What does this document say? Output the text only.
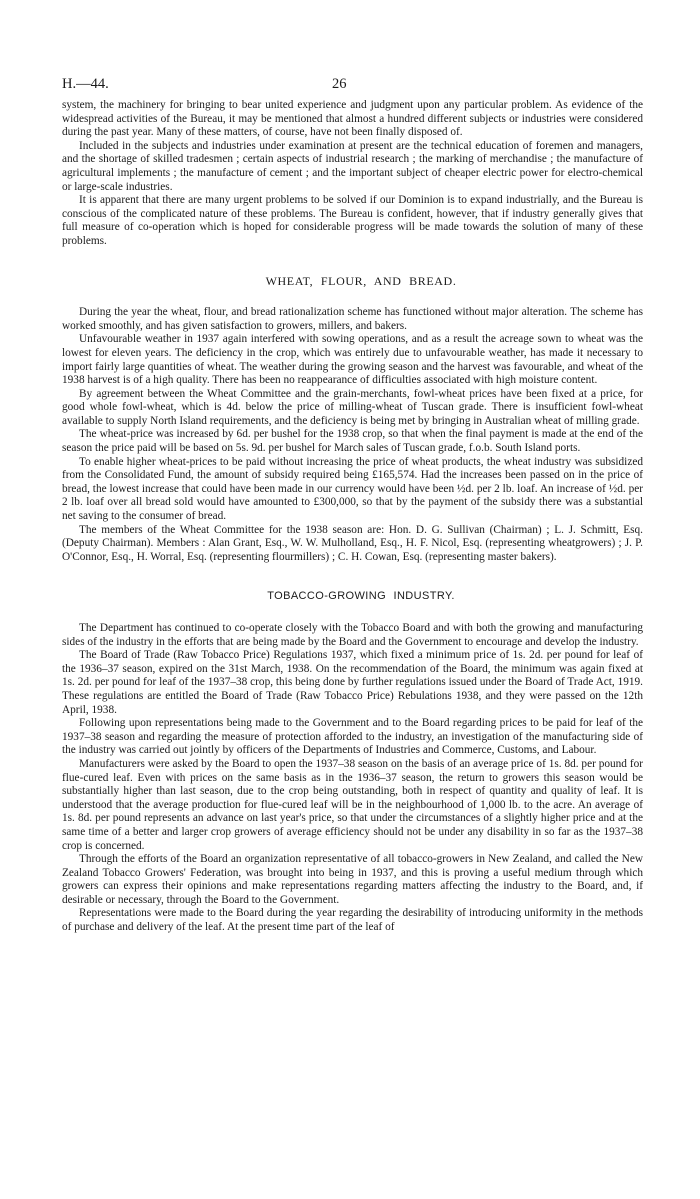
H.—44.	26

system, the machinery for bringing to bear united experience and judgment upon any particular problem. As evidence of the widespread activities of the Bureau, it may be mentioned that almost a hundred different subjects or industries were considered during the past year. Many of these matters, of course, have not been finally disposed of.

Included in the subjects and industries under examination at present are the technical education of foremen and managers, and the shortage of skilled tradesmen ; certain aspects of industrial research ; the marking of merchandise ; the manufacture of agricultural implements ; the manufacture of cement ; and the important subject of cheaper electric power for electro-chemical or large-scale industries.

It is apparent that there are many urgent problems to be solved if our Dominion is to expand industrially, and the Bureau is conscious of the complicated nature of these problems. The Bureau is confident, however, that if industry generally gives that full measure of co-operation which is hoped for considerable progress will be made towards the solution of many of these problems.

WHEAT, FLOUR, AND BREAD.

During the year the wheat, flour, and bread rationalization scheme has functioned without major alteration. The scheme has worked smoothly, and has given satisfaction to growers, millers, and bakers.

Unfavourable weather in 1937 again interfered with sowing operations, and as a result the acreage sown to wheat was the lowest for eleven years. The deficiency in the crop, which was entirely due to unfavourable weather, has made it necessary to import fairly large quantities of wheat. The weather during the growing season and the harvest was favourable, and wheat of the 1938 harvest is of a high quality. There has been no reappearance of difficulties associated with high moisture content.

By agreement between the Wheat Committee and the grain-merchants, fowl-wheat prices have been fixed at a price, for good whole fowl-wheat, which is 4d. below the price of milling-wheat of Tuscan grade. There is insufficient fowl-wheat available to supply North Island requirements, and the deficiency is being met by bringing in Australian wheat of milling grade.

The wheat-price was increased by 6d. per bushel for the 1938 crop, so that when the final payment is made at the end of the season the price paid will be based on 5s. 9d. per bushel for March sales of Tuscan grade, f.o.b. South Island ports.

To enable higher wheat-prices to be paid without increasing the price of wheat products, the wheat industry was subsidized from the Consolidated Fund, the amount of subsidy required being £165,574. Had the increases been passed on in the price of bread, the lowest increase that could have been made in our currency would have been ½d. per 2 lb. loaf. An increase of ½d. per 2 lb. loaf over all bread sold would have amounted to £300,000, so that by the payment of the subsidy there was a substantial net saving to the consumer of bread.

The members of the Wheat Committee for the 1938 season are: Hon. D. G. Sullivan (Chairman) ; L. J. Schmitt, Esq. (Deputy Chairman). Members : Alan Grant, Esq., W. W. Mulholland, Esq., H. F. Nicol, Esq. (representing wheatgrowers) ; J. P. O'Connor, Esq., H. Worral, Esq. (representing flourmillers) ; C. H. Cowan, Esq. (representing master bakers).

TOBACCO-GROWING INDUSTRY.

The Department has continued to co-operate closely with the Tobacco Board and with both the growing and manufacturing sides of the industry in the efforts that are being made by the Board and the Government to encourage and develop the industry.

The Board of Trade (Raw Tobacco Price) Regulations 1937, which fixed a minimum price of 1s. 2d. per pound for leaf of the 1936–37 season, expired on the 31st March, 1938. On the recommendation of the Board, the minimum was again fixed at 1s. 2d. per pound for leaf of the 1937–38 crop, this being done by further regulations issued under the Board of Trade Act, 1919. These regulations are entitled the Board of Trade (Raw Tobacco Price) Rebulations 1938, and they were passed on the 12th April, 1938.

Following upon representations being made to the Government and to the Board regarding prices to be paid for leaf of the 1937–38 season and regarding the measure of protection afforded to the industry, an investigation of the manufacturing side of the industry was carried out jointly by officers of the Departments of Industries and Commerce, Customs, and Labour.

Manufacturers were asked by the Board to open the 1937–38 season on the basis of an average price of 1s. 8d. per pound for flue-cured leaf. Even with prices on the same basis as in the 1936–37 season, the return to growers this season would be substantially higher than last season, due to the crop being outstanding, both in respect of quantity and quality of leaf. It is understood that the average production for flue-cured leaf will be in the neighbourhood of 1,000 lb. to the acre. An average of 1s. 8d. per pound represents an advance on last year's price, so that under the circumstances of a slightly higher price and at the same time of a better and larger crop growers of average efficiency should not be under any disability in so far as the 1937–38 crop is concerned.

Through the efforts of the Board an organization representative of all tobacco-growers in New Zealand, and called the New Zealand Tobacco Growers' Federation, was brought into being in 1937, and this is proving a useful medium through which growers can express their opinions and make representations regarding matters affecting the industry to the Board, and, if desirable or necessary, through the Board to the Government.

Representations were made to the Board during the year regarding the desirability of introducing uniformity in the methods of purchase and delivery of the leaf. At the present time part of the leaf of
